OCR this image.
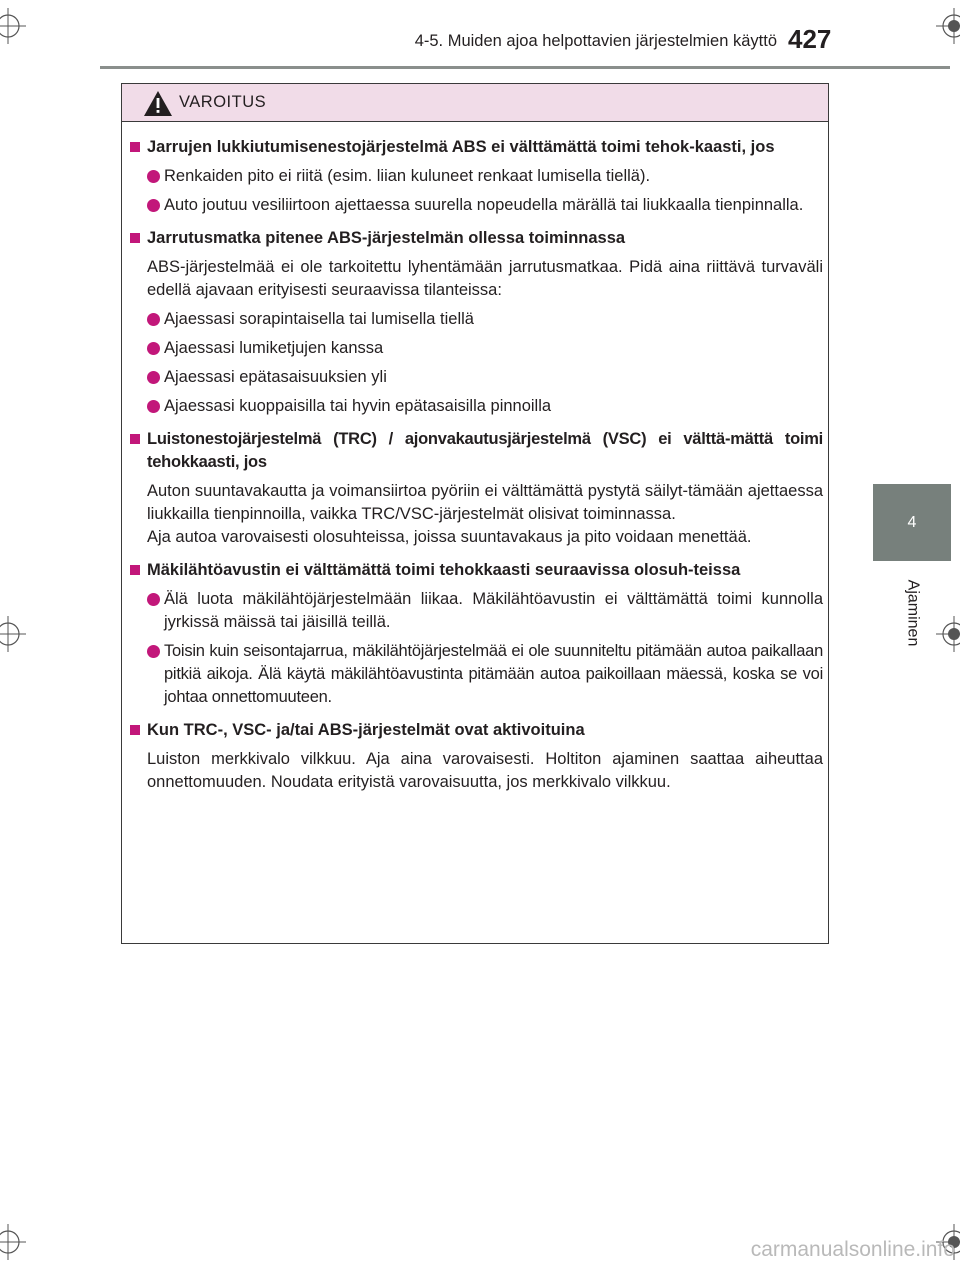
4-5. Muiden ajoa helpottavien järjestelmien käyttö 427
4
Ajaminen
VAROITUS
Jarrujen lukkiutumisenestojärjestelmä ABS ei välttämättä toimi tehok-kaasti, jos
Renkaiden pito ei riitä (esim. liian kuluneet renkaat lumisella tiellä).
Auto joutuu vesiliirtoon ajettaessa suurella nopeudella märällä tai liukkaalla tienpinnalla.
Jarrutusmatka pitenee ABS-järjestelmän ollessa toiminnassa
ABS-järjestelmää ei ole tarkoitettu lyhentämään jarrutusmatkaa. Pidä aina riittävä turvaväli edellä ajavaan erityisesti seuraavissa tilanteissa:
Ajaessasi sorapintaisella tai lumisella tiellä
Ajaessasi lumiketjujen kanssa
Ajaessasi epätasaisuuksien yli
Ajaessasi kuoppaisilla tai hyvin epätasaisilla pinnoilla
Luistonestojärjestelmä (TRC) / ajonvakautusjärjestelmä (VSC) ei välttä-mättä toimi tehokkaasti, jos
Auton suuntavakautta ja voimansiirtoa pyöriin ei välttämättä pystytä säilyt-tämään ajettaessa liukkailla tienpinnoilla, vaikka TRC/VSC-järjestelmät olisivat toiminnassa.
Aja autoa varovaisesti olosuhteissa, joissa suuntavakaus ja pito voidaan menettää.
Mäkilähtöavustin ei välttämättä toimi tehokkaasti seuraavissa olosuh-teissa
Älä luota mäkilähtöjärjestelmään liikaa. Mäkilähtöavustin ei välttämättä toimi kunnolla jyrkissä mäissä tai jäisillä teillä.
Toisin kuin seisontajarrua, mäkilähtöjärjestelmää ei ole suunniteltu pitämään autoa paikallaan pitkiä aikoja. Älä käytä mäkilähtöavustinta pitämään autoa paikoillaan mäessä, koska se voi johtaa onnettomuuteen.
Kun TRC-, VSC- ja/tai ABS-järjestelmät ovat aktivoituina
Luiston merkkivalo vilkkuu. Aja aina varovaisesti. Holtiton ajaminen saattaa aiheuttaa onnettomuuden. Noudata erityistä varovaisuutta, jos merkkivalo vilkkuu.
carmanualsonline.info
